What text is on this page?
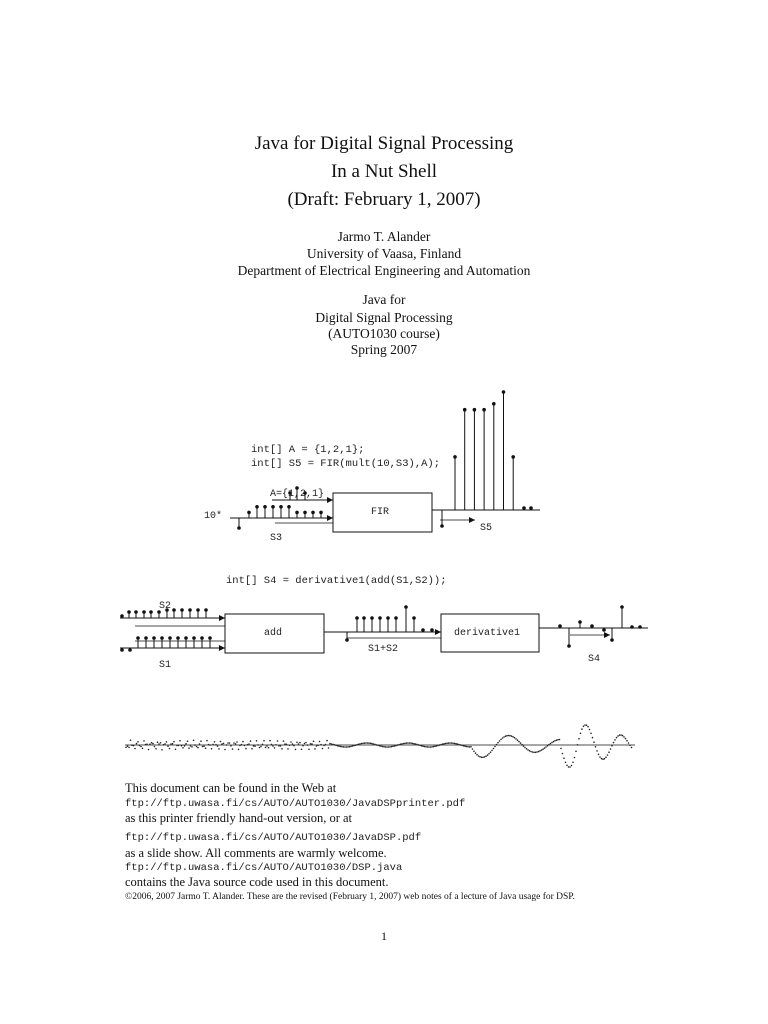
Java for Digital Signal Processing
In a Nut Shell
(Draft: February 1, 2007)
Jarmo T. Alander
University of Vaasa, Finland
Department of Electrical Engineering and Automation
Java for
Digital Signal Processing
(AUTO1030 course)
Spring 2007
int[] A = {1,2,1};
int[] S5 = FIR(mult(10,S3),A);
A={1,2,1}
10*
S3
FIR
S5
int[] S4 = derivative1(add(S1,S2));
S2
S1
add
S1+S2
derivative1
S4
This document can be found in the Web at
ftp://ftp.uwasa.fi/cs/AUTO/AUTO1030/JavaDSPprinter.pdf
as this printer friendly hand-out version, or at
ftp://ftp.uwasa.fi/cs/AUTO/AUTO1030/JavaDSP.pdf
as a slide show. All comments are warmly welcome.
ftp://ftp.uwasa.fi/cs/AUTO/AUTO1030/DSP.java
contains the Java source code used in this document.
©2006, 2007 Jarmo T. Alander. These are the revised (February 1, 2007) web notes of a lecture of Java usage for DSP.
1
